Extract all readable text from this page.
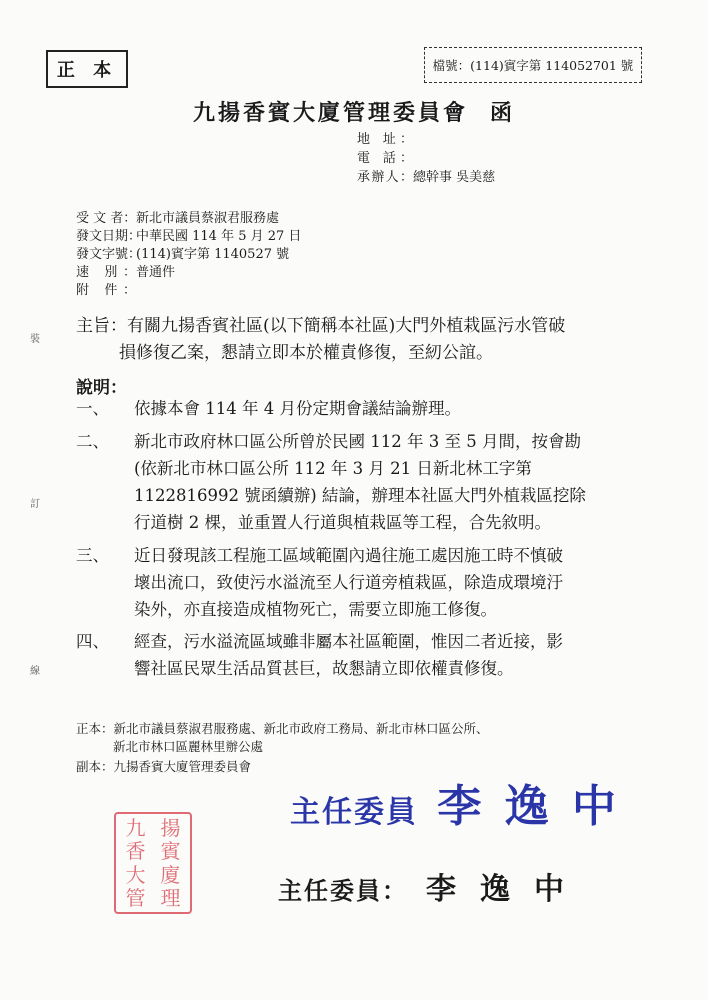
正 本	檔號：(114)賓字第 114052701 號
九揚香賓大廈管理委員會 函
地 址：
電 話：
承辦人：總幹事 吳美慈
受 文 者：新北市議員蔡淑君服務處
發文日期：中華民國 114 年 5 月 27 日
發文字號：(114)賓字第 1140527 號
速 別：普通件
附 件：
主旨：有關九揚香賓社區(以下簡稱本社區)大門外植栽區污水管破
損修復乙案，懇請立即本於權責修復，至紉公誼。
說明：
一、	依據本會 114 年 4 月份定期會議結論辦理。
二、	新北市政府林口區公所曾於民國 112 年 3 至 5 月間，按會勘
(依新北市林口區公所 112 年 3 月 21 日新北林工字第
1122816992 號函續辦) 結論，辦理本社區大門外植栽區挖除
行道樹 2 棵，並重置人行道與植栽區等工程，合先敘明。
三、	近日發現該工程施工區域範圍內過往施工處因施工時不慎破
壞出流口，致使污水溢流至人行道旁植栽區，除造成環境汙
染外，亦直接造成植物死亡，需要立即施工修復。
四、	經查，污水溢流區域雖非屬本社區範圍，惟因二者近接，影
響社區民眾生活品質甚巨，故懇請立即依權責修復。
正本：新北市議員蔡淑君服務處、新北市政府工務局、新北市林口區公所、
新北市林口區麗林里辦公處
副本：九揚香賓大廈管理委員會
裝
訂
線
九 揚
香 賓
大 廈
管 理
主任委員 李 逸 中
主任委員： 李逸中
